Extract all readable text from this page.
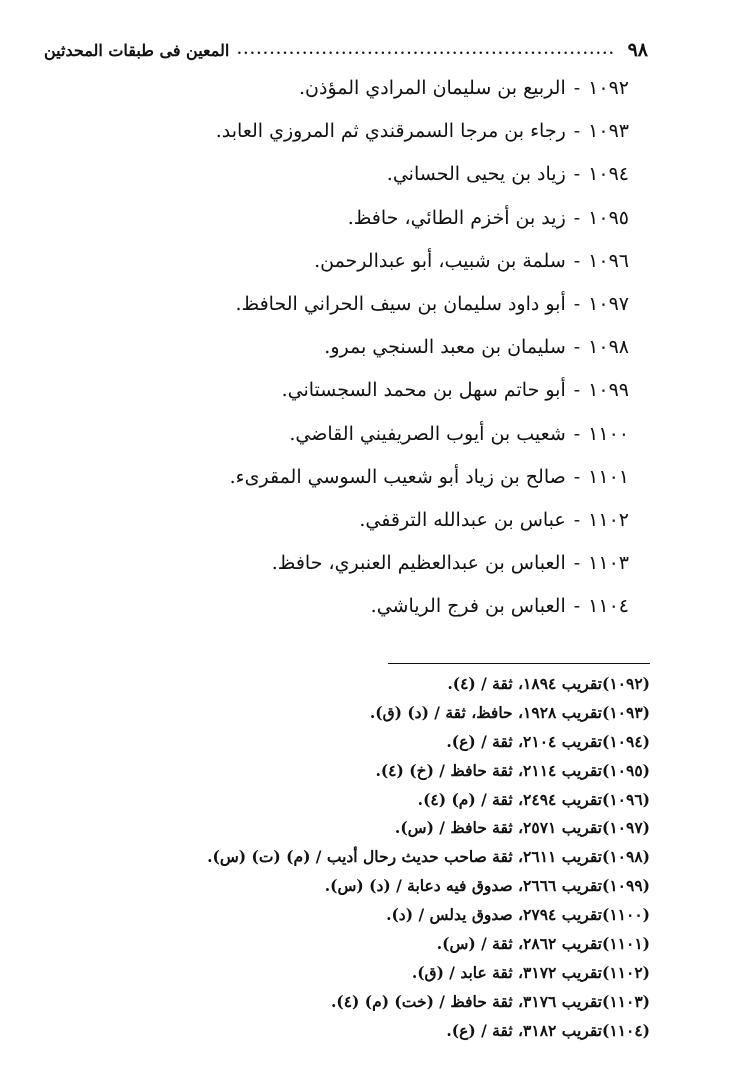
٩٨
.....
المعين فى طبقات المحدثين
١٠٩٢-الربيع بن سليمان المرادي المؤذن.
١٠٩٣-رجاء بن مرجا السمرقندي ثم المروزي العابد.
١٠٩٤-زياد بن يحيى الحساني.
١٠٩٥-زيد بن أخزم الطائي، حافظ.
١٠٩٦-سلمة بن شبيب، أبو عبدالرحمن.
١٠٩٧-أبو داود سليمان بن سيف الحراني الحافظ.
١٠٩٨-سليمان بن معبد السنجي بمرو.
١٠٩٩-أبو حاتم سهل بن محمد السجستاني.
١١٠٠-شعيب بن أيوب الصريفيني القاضي.
١١٠١-صالح بن زياد أبو شعيب السوسي المقرىء.
١١٠٢-عباس بن عبدالله الترقفي.
١١٠٣-العباس بن عبدالعظيم العنبري، حافظ.
١١٠٤-العباس بن فرج الرياشي.
(١٠٩٢)تقريب ١٨٩٤، ثقة / (٤).
(١٠٩٣)تقريب ١٩٢٨، حافظ، ثقة / (د) (ق).
(١٠٩٤)تقريب ٢١٠٤، ثقة / (ع).
(١٠٩٥)تقريب ٢١١٤، ثقة حافظ / (خ) (٤).
(١٠٩٦)تقريب ٢٤٩٤، ثقة / (م) (٤).
(١٠٩٧)تقريب ٢٥٧١، ثقة حافظ / (س).
(١٠٩٨)تقريب ٢٦١١، ثقة صاحب حديث رحال أديب / (م) (ت) (س).
(١٠٩٩)تقريب ٢٦٦٦، صدوق فيه دعابة / (د) (س).
(١١٠٠)تقريب ٢٧٩٤، صدوق يدلس / (د).
(١١٠١)تقريب ٢٨٦٢، ثقة / (س).
(١١٠٢)تقريب ٣١٧٢، ثقة عابد / (ق).
(١١٠٣)تقريب ٣١٧٦، ثقة حافظ / (خت) (م) (٤).
(١١٠٤)تقريب ٣١٨٢، ثقة / (ع).
